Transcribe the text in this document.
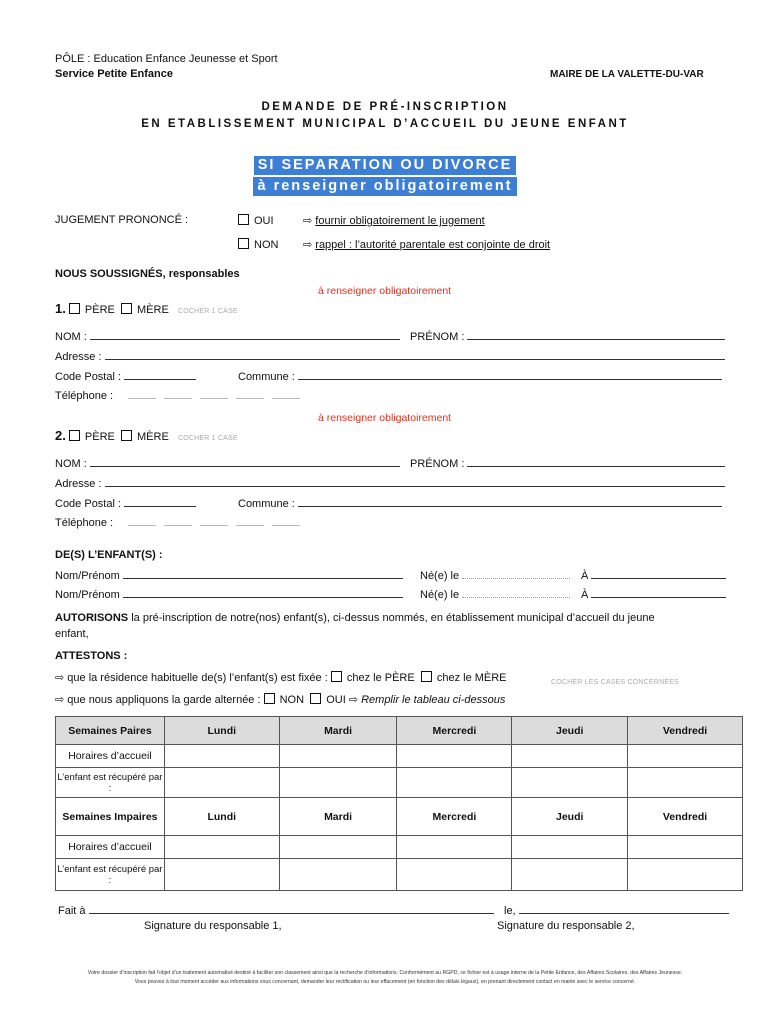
PÔLE : Education Enfance Jeunesse et Sport
Service Petite Enfance	MAIRE DE LA VALETTE-DU-VAR
DEMANDE DE PRÉ-INSCRIPTION
EN ETABLISSEMENT MUNICIPAL D’ACCUEIL DU JEUNE ENFANT
SI SEPARATION OU DIVORCE
à renseigner obligatoirement
JUGEMENT PRONONCÉ :	OUI
NON
⇨ fournir obligatoirement le jugement
⇨ rappel : l’autorité parentale est conjointe de droit
NOUS SOUSSIGNÉS, responsables
à renseigner obligatoirement
1. PÈRE MÈRE COCHER 1 CASE
NOM :	PRÉNOM :
Adresse :
Code Postal :	Commune :
Téléphone :
à renseigner obligatoirement
2. PÈRE MÈRE COCHER 1 CASE
NOM :	PRÉNOM :
Adresse :
Code Postal :	Commune :
Téléphone :
DE(S) L’ENFANT(S) :
Nom/Prénom	Né(e) le	À
Nom/Prénom	Né(e) le	À
AUTORISONS la pré-inscription de notre(nos) enfant(s), ci-dessus nommés, en établissement municipal d’accueil du jeune
enfant,
ATTESTONS :
⇨ que la résidence habituelle de(s) l’enfant(s) est fixée : chez le PÈRE chez le MÈRE	COCHER LES CASES CONCERNÉES
⇨ que nous appliquons la garde alternée : NON OUI ⇨ Remplir le tableau ci-dessous
Semaines Paires	Lundi	Mardi	Mercredi	Jeudi	Vendredi
Horaires d’accueil					
L’enfant est récupéré par :					
Semaines Impaires	Lundi	Mardi	Mercredi	Jeudi	Vendredi
Horaires d’accueil					
L’enfant est récupéré par :					
Fait à	le,
Signature du responsable 1,	Signature du responsable 2,
Votre dossier d’inscription fait l’objet d’un traitement automatisé destiné à faciliter son classement ainsi que la recherche d’informations. Conformément au RGPD, ce fichier est à usage interne de la Petite Enfance, des Affaires Scolaires, des Affaires Jeunesse.
Vous pouvez à tout moment accéder aux informations vous concernant, demander leur rectification ou leur effacement (en fonction des délais légaux), en prenant directement contact en mairie avec le service concerné.
